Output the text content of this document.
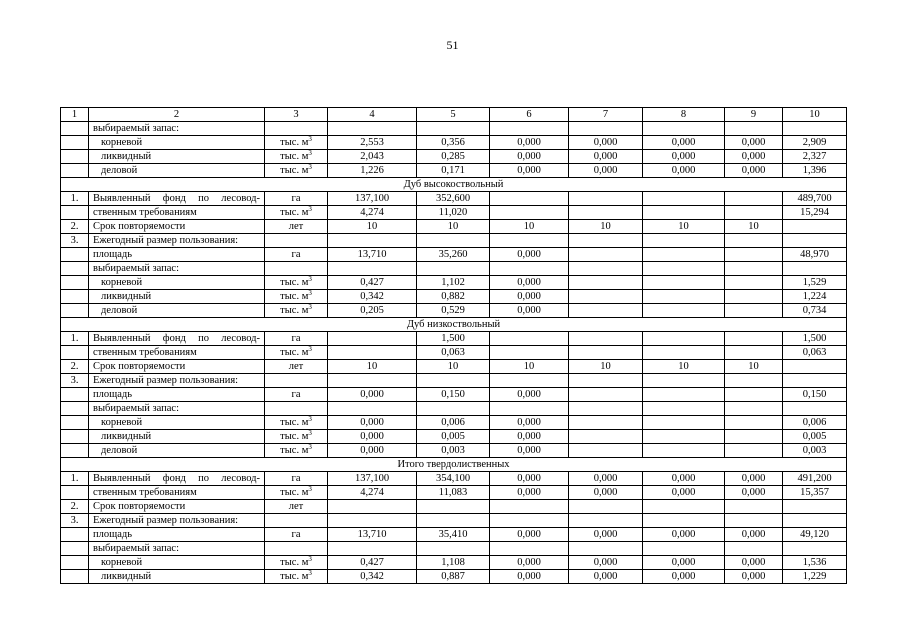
51
1	2	3	4	5	6	7	8	9	10
	выбираемый запас:								
	корневой	тыс. $м^3$	2,553	0,356	0,000	0,000	0,000	0,000	2,909
	ликвидный	тыс. $м^3$	2,043	0,285	0,000	0,000	0,000	0,000	2,327
	деловой	тыс. $м^3$	1,226	0,171	0,000	0,000	0,000	0,000	1,396
Дуб высокоствольный									
1.	Выявленный фонд по лесовод-	га	137,100	352,600					489,700
	ственным требованиям	тыс. $м^3$	4,274	11,020					15,294
2.	Срок повторяемости	лет	10	10	10	10	10	10	
3.	Ежегодный размер пользования:								
	площадь	га	13,710	35,260	0,000				48,970
	выбираемый запас:								
	корневой	тыс. $м^3$	0,427	1,102	0,000				1,529
	ликвидный	тыс. $м^3$	0,342	0,882	0,000				1,224
	деловой	тыс. $м^3$	0,205	0,529	0,000				0,734
Дуб низкоствольный									
1.	Выявленный фонд по лесовод-	га		1,500					1,500
	ственным требованиям	тыс. $м^3$		0,063					0,063
2.	Срок повторяемости	лет	10	10	10	10	10	10	
3.	Ежегодный размер пользования:								
	площадь	га	0,000	0,150	0,000				0,150
	выбираемый запас:								
	корневой	тыс. $м^3$	0,000	0,006	0,000				0,006
	ликвидный	тыс. $м^3$	0,000	0,005	0,000				0,005
	деловой	тыс. $м^3$	0,000	0,003	0,000				0,003
Итого твердолиственных									
1.	Выявленный фонд по лесовод-	га	137,100	354,100	0,000	0,000	0,000	0,000	491,200
	ственным требованиям	тыс. $м^3$	4,274	11,083	0,000	0,000	0,000	0,000	15,357
2.	Срок повторяемости	лет							
3.	Ежегодный размер пользования:								
	площадь	га	13,710	35,410	0,000	0,000	0,000	0,000	49,120
	выбираемый запас:								
	корневой	тыс. $м^3$	0,427	1,108	0,000	0,000	0,000	0,000	1,536
	ликвидный	тыс. $м^3$	0,342	0,887	0,000	0,000	0,000	0,000	1,229
